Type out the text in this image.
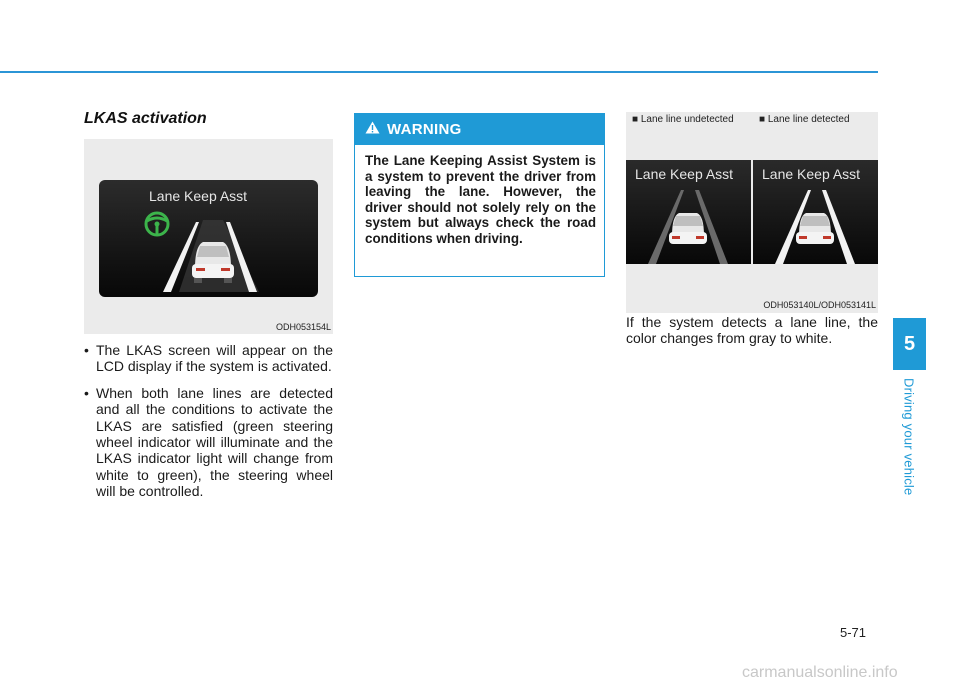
LKAS activation
Lane Keep Asst
ODH053154L
• The LKAS screen will appear on the LCD display if the system is activated.
• When both lane lines are detected and all the conditions to activate the LKAS are satisfied (green steering wheel indicator will illuminate and the LKAS indicator light will change from white to green), the steering wheel will be controlled.
WARNING
The Lane Keeping Assist System is a system to prevent the driver from leaving the lane. However, the driver should not solely rely on the system but always check the road conditions when driving.
■ Lane line undetected	■ Lane line detected
Lane Keep Asst Lane Keep Asst
ODH053140L/ODH053141L
If the system detects a lane line, the color changes from gray to white.	5
Driving your vehicle
5-71
carmanualsonline.info
